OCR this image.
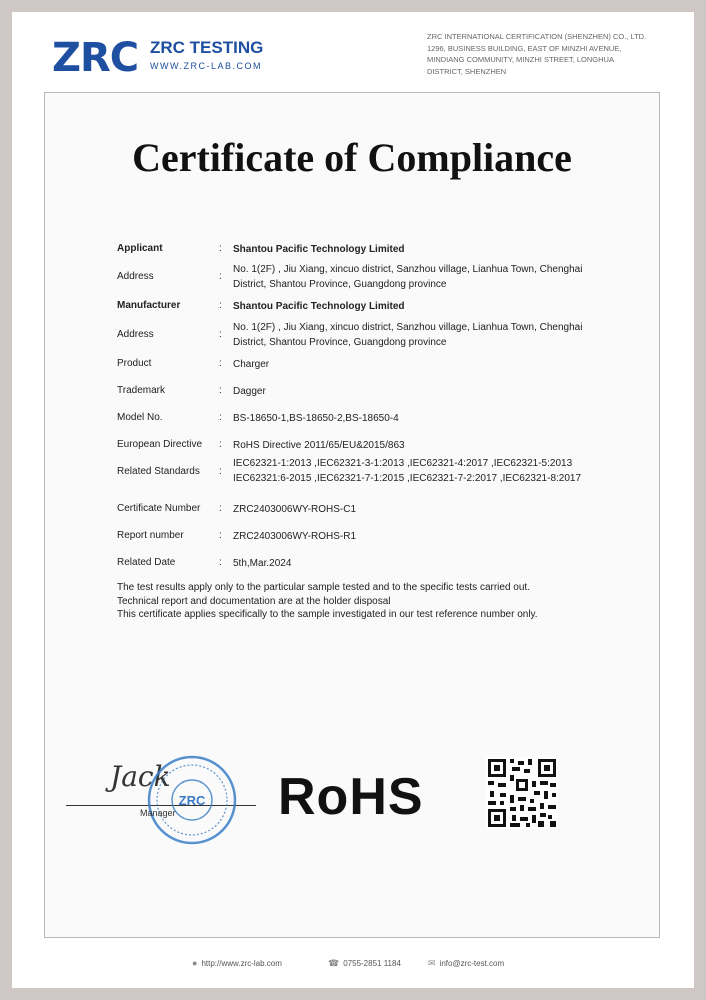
ZRC ZRC TESTING
WWW.ZRC-LAB.COM
ZRC INTERNATIONAL CERTIFICATION (SHENZHEN) CO., LTD.
1296, BUSINESS BUILDING, EAST OF MINZHI AVENUE,
MINDIANG COMMUNITY, MINZHI STREET, LONGHUA
DISTRICT, SHENZHEN
Certificate of Compliance
Applicant	: Shantou Pacific Technology Limited
Address	:
No. 1(2F) , Jiu Xiang, xincuo district, Sanzhou village, Lianhua Town, Chenghai
District, Shantou Province, Guangdong province
Manufacturer	: Shantou Pacific Technology Limited
Address	:
No. 1(2F) , Jiu Xiang, xincuo district, Sanzhou village, Lianhua Town, Chenghai
District, Shantou Province, Guangdong province
Product	: Charger
Trademark	: Dagger
Model No.	: BS-18650-1,BS-18650-2,BS-18650-4
European Directive	: RoHS Directive 2011/65/EU&2015/863
Related Standards	:
IEC62321-1:2013 ,IEC62321-3-1:2013 ,IEC62321-4:2017 ,IEC62321-5:2013
IEC62321:6-2015 ,IEC62321-7-1:2015 ,IEC62321-7-2:2017 ,IEC62321-8:2017
Certificate Number	: ZRC2403006WY-ROHS-C1
Report number	: ZRC2403006WY-ROHS-R1
Related Date	: 5th,Mar.2024
The test results apply only to the particular sample tested and to the specific tests carried out.
Technical report and documentation are at the holder disposal
This certificate applies specifically to the sample investigated in our test reference number only.
Jack
ZRC
Manager RoHS
● http://www.zrc-lab.com	☎ 0755-2851 1184	✉ info@zrc-test.com
